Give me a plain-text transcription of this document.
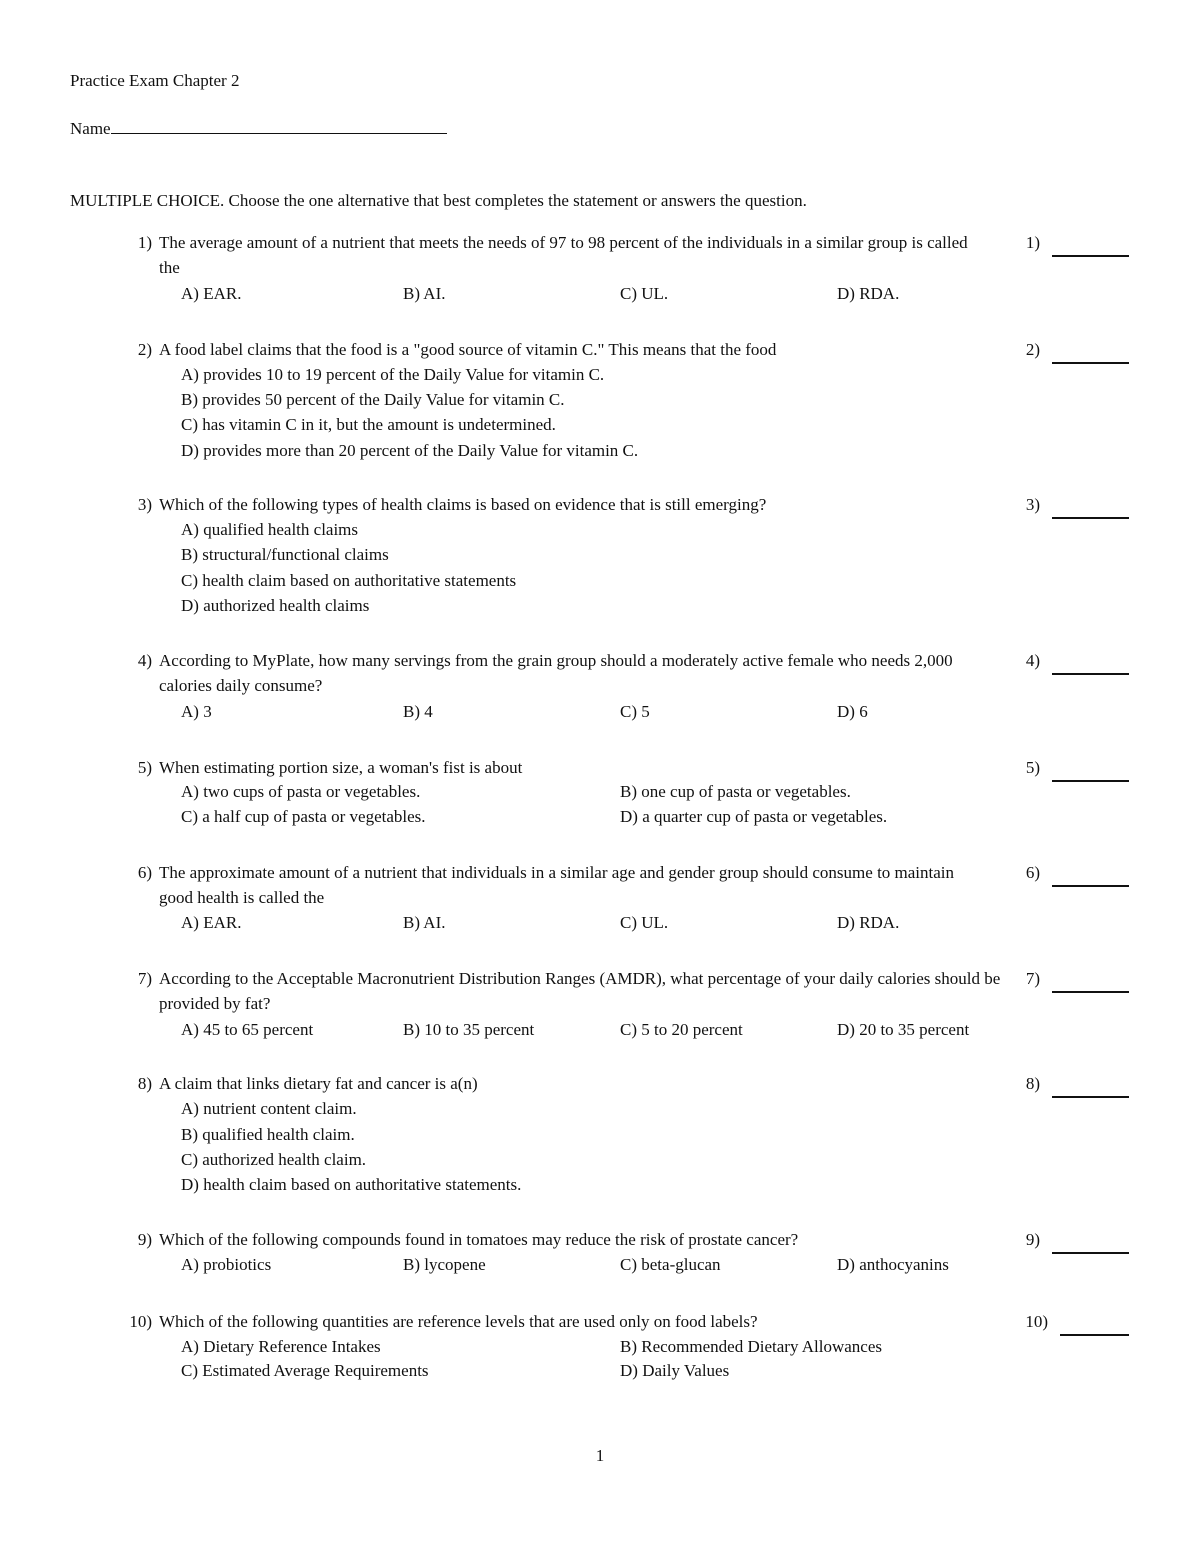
Practice Exam Chapter 2
Name
MULTIPLE CHOICE. Choose the one alternative that best completes the statement or answers the question.
1) The average amount of a nutrient that meets the needs of 97 to 98 percent of the individuals in a similar group is called the
1)
A) EAR.	B) AI.	C) UL.	D) RDA.
2) A food label claims that the food is a "good source of vitamin C." This means that the food	2)
A) provides 10 to 19 percent of the Daily Value for vitamin C.
B) provides 50 percent of the Daily Value for vitamin C.
C) has vitamin C in it, but the amount is undetermined.
D) provides more than 20 percent of the Daily Value for vitamin C.
3) Which of the following types of health claims is based on evidence that is still emerging?	3)
A) qualified health claims
B) structural/functional claims
C) health claim based on authoritative statements
D) authorized health claims
4) According to MyPlate, how many servings from the grain group should a moderately active female who needs 2,000 calories daily consume?
4)
A) 3	B) 4	C) 5	D) 6
5) When estimating portion size, a woman's fist is about	5)
A) two cups of pasta or vegetables.	B) one cup of pasta or vegetables.
C) a half cup of pasta or vegetables.	D) a quarter cup of pasta or vegetables.
6) The approximate amount of a nutrient that individuals in a similar age and gender group should consume to maintain good health is called the
6)
A) EAR.	B) AI.	C) UL.	D) RDA.
7) According to the Acceptable Macronutrient Distribution Ranges (AMDR), what percentage of your daily calories should be provided by fat?
7)
A) 45 to 65 percent	B) 10 to 35 percent	C) 5 to 20 percent	D) 20 to 35 percent
8) A claim that links dietary fat and cancer is a(n)	8)
A) nutrient content claim.
B) qualified health claim.
C) authorized health claim.
D) health claim based on authoritative statements.
9) Which of the following compounds found in tomatoes may reduce the risk of prostate cancer?	9)
A) probiotics	B) lycopene	C) beta-glucan	D) anthocyanins
10) Which of the following quantities are reference levels that are used only on food labels?	10)
A) Dietary Reference Intakes	B) Recommended Dietary Allowances
C) Estimated Average Requirements	D) Daily Values
1
